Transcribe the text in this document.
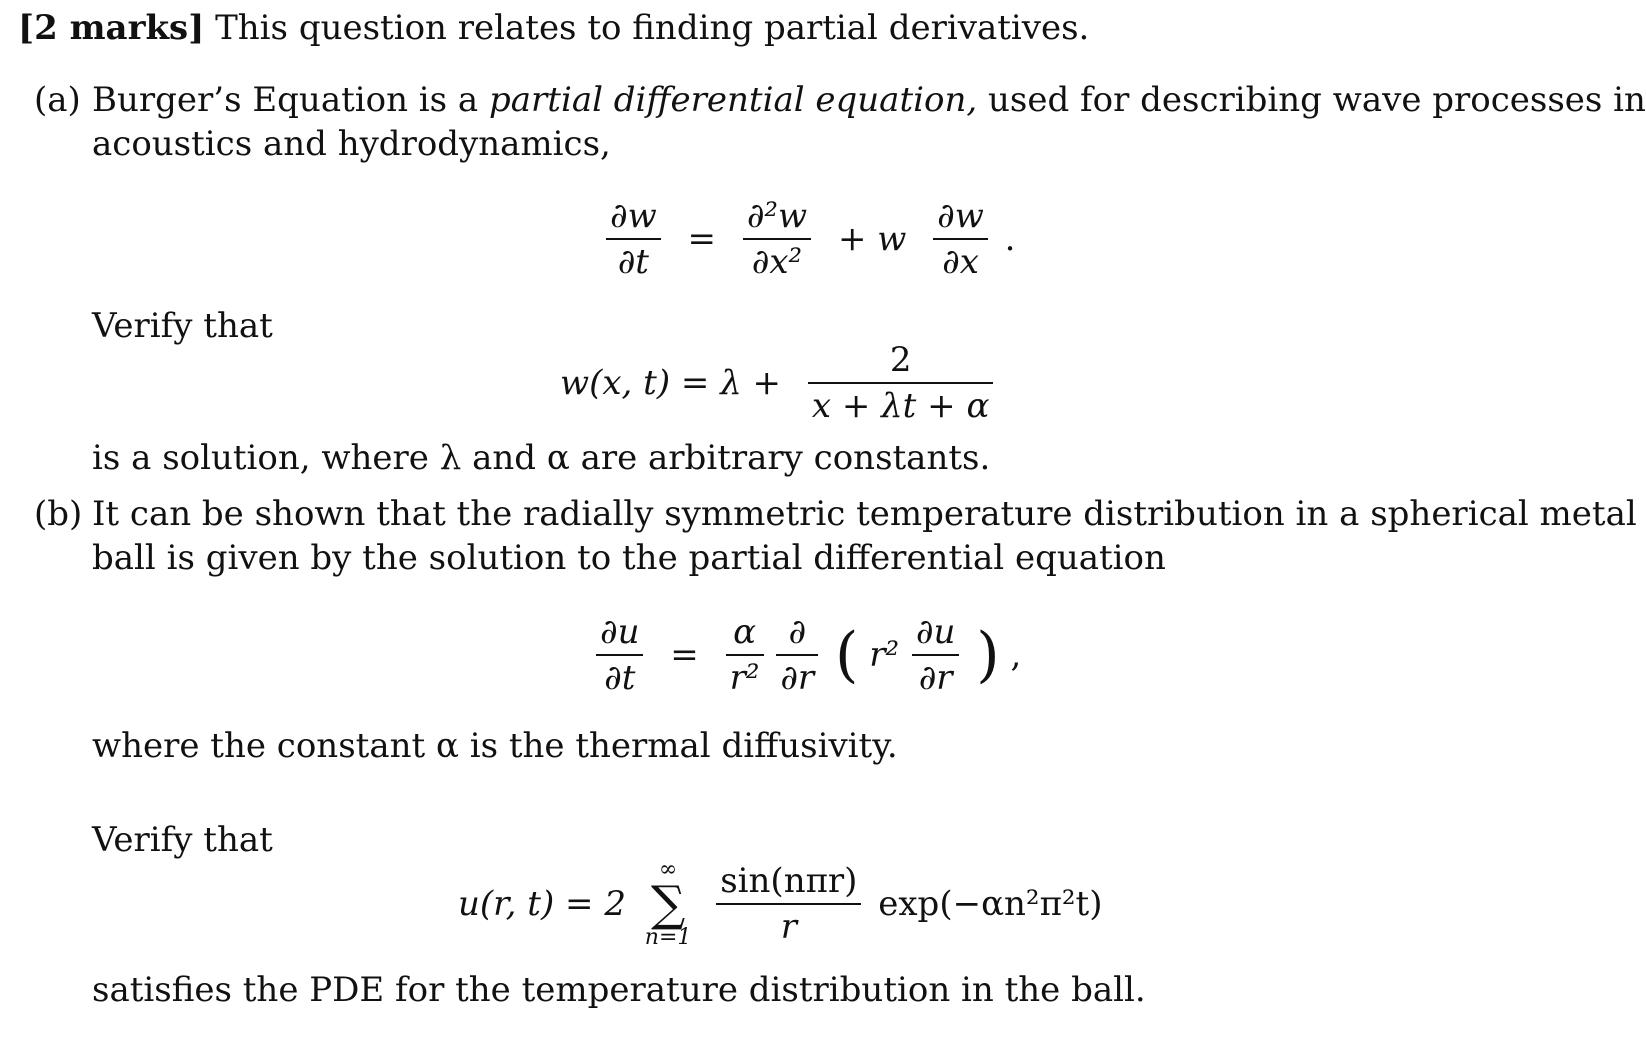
[2 marks] This question relates to finding partial derivatives.
(a) Burger’s Equation is a partial differential equation, used for describing wave processes in
acoustics and hydrodynamics,
$\frac{\partial w}{\partial t} = \frac{\text{∂²w}}{\text{∂x²}} + w \frac{\partial w}{\partial x}$ .
Verify that
w(x, $t) = \lambda + \frac{2}{x + \lambda t + \alpha}$
is a solution, where λ and α are arbitrary constants.
(b) It can be shown that the radially symmetric temperature distribution in a spherical metal
ball is given by the solution to the partial differential equation
$\frac{\partial u}{\partial t} = \frac{\alpha}{\text{r²}}$
$\frac{\partial}{\partial r}$ ( $r^2 \frac{\partial u}{\partial r}$ ) ,
where the constant α is the thermal diffusivity.
Verify that
u(r, t) = 2
∞
∑
n=1
$\frac{\text{sin(nπr)}}{r} \exp(-\alpha n^2\pi^2t)$
satisfies the PDE for the temperature distribution in the ball.
